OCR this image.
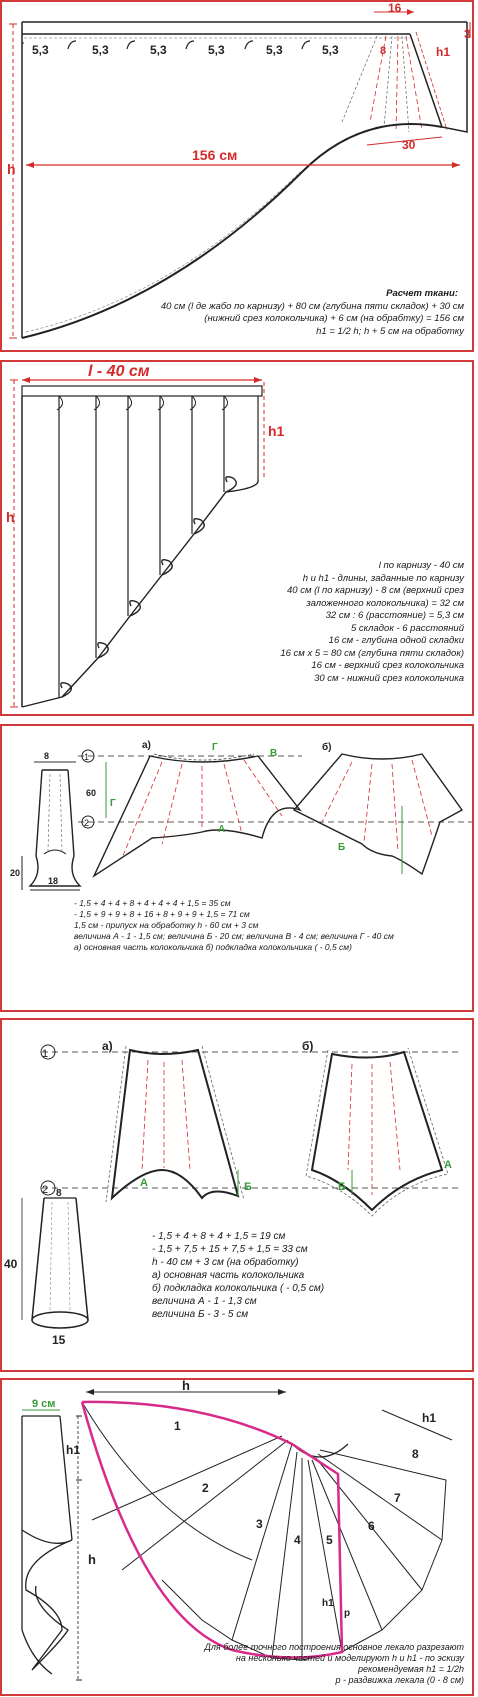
h
156 см
16
3
8	h1
30
5,3	5,3	5,3	5,3	5,3	5,3
Расчет ткани:
40 см (l де жабо по карнизу) + 80 см (глубина пяти складок) + 30 см
(нижний срез колокольчика) + 6 см (на обрабтку) = 156 см
h1 = 1/2 h; h + 5 см на обработку
l - 40 см
h
h1
l по карнизу - 40 см
h и h1 - длины, заданные по карнизу
40 см (l по карнизу) - 8 см (верхний срез
заложенного колокольчика) = 32 см
32 см : 6 (расстояние) = 5,3 см
5 складок - 6 расстояний
16 см - глубина одной складки
16 см х 5 = 80 см (глубина пяти складок)
16 см - верхний срез колокольчика
30 см - нижний срез колокольчика
8	1
2
60
20
18
а)	б)
Г
В
Г
А
Б
- 1,5 + 4 + 4 + 8 + 4 + 4 + 4 + 1,5 = 35 см
- 1,5 + 9 + 9 + 8 + 16 + 8 + 9 + 9 + 1,5 = 71 см
1,5 см - припуск на обработку h - 60 см + 3 см
величина А - 1 - 1,5 см; величина Б - 20 см; величина В - 4 см; величина Г - 40 см
а) основная часть колокольчика б) подкладка колокольчика ( - 0,5 см)
1
2
а)	б)
А	Б
А
Б
8
40
15
- 1,5 + 4 + 8 + 4 + 1,5 = 19 см
- 1,5 + 7,5 + 15 + 7,5 + 1,5 = 33 см
h - 40 см + 3 см (на обработку)
а) основная часть колокольчика
б) подкладка колокольчика ( - 0,5 см)
величина А - 1 - 1,3 см
величина Б - 3 - 5 см
9 см
h1
h
h
h1
p
h1
1
2
3
4 5
6
7
8
Для более точного построения основное лекало разрезают
на несколько частей и моделируют h и h1 - по эскизу
рекомендуемая h1 = 1/2h
p - раздвижка лекала (0 - 8 см)
